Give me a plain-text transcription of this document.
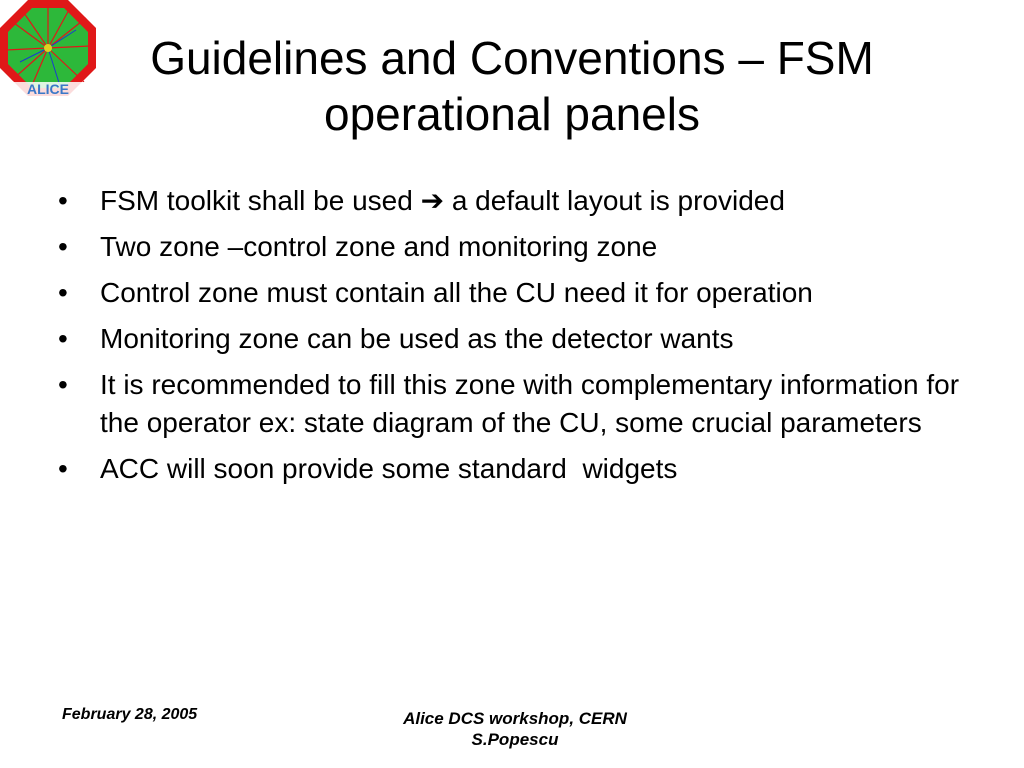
ALICE
Guidelines and Conventions – FSM
operational panels
• FSM toolkit shall be used ➔ a default layout is provided
• Two zone –control zone and monitoring zone
• Control zone must contain all the CU need it for operation
• Monitoring zone can be used as the detector wants
• It is recommended to fill this zone with complementary information for the operator ex: state diagram of the CU, some crucial parameters
• ACC will soon provide some standard  widgets
February 28, 2005	Alice DCS workshop, CERN
S.Popescu
